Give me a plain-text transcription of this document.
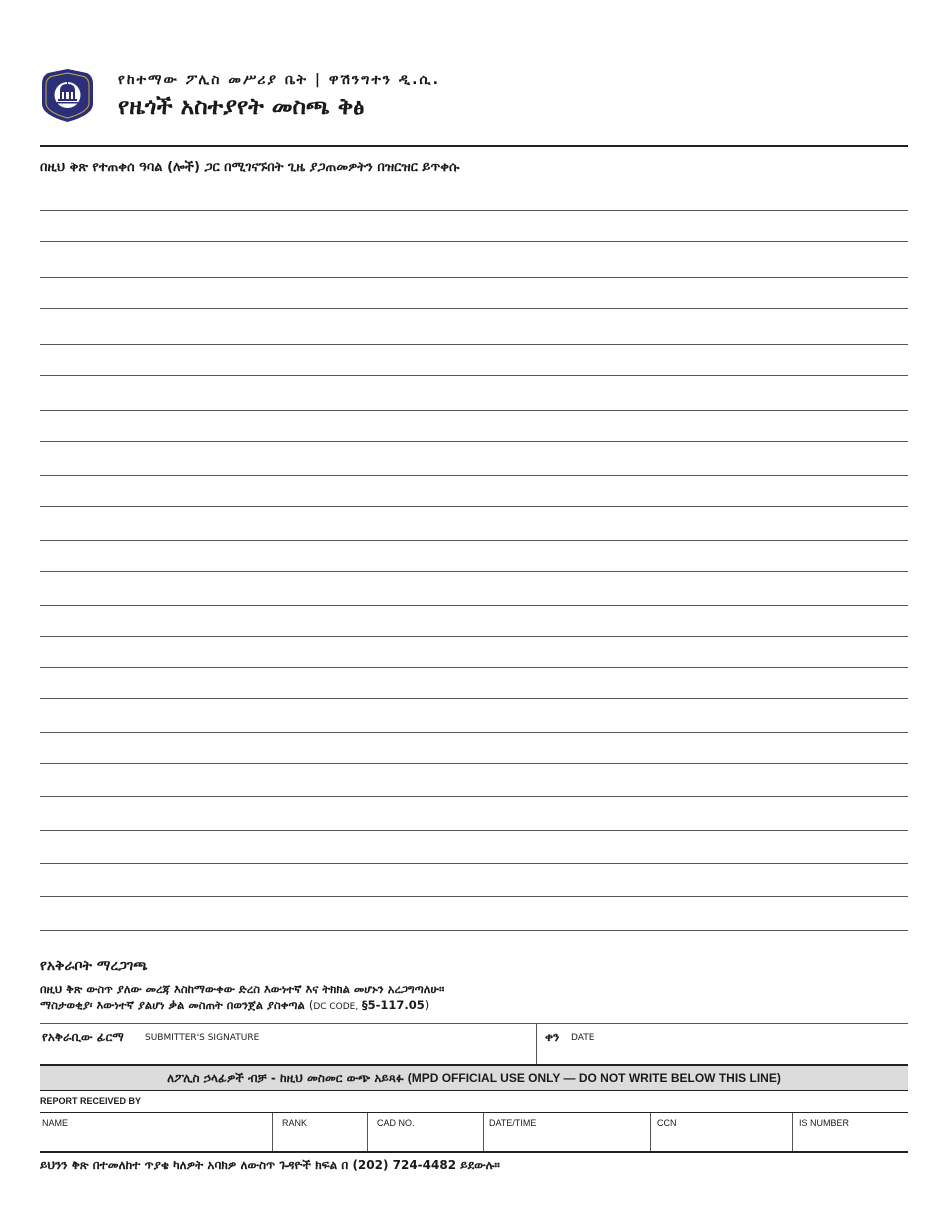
የከተማው ፖሊስ መሥሪያ ቤት | ዋሽንግተን ዲ.ሲ.
የዜጎች አስተያየት መስጫ ቅፅ
በዚህ ቅጽ የተጠቀሰ ዓባል (ሎች) ጋር በሚገናኙበት ጊዜ ያጋጠመዎትን በዝርዝር ይጥቀሱ
የአቅራቦት ማረጋገጫ
በዚህ ቅጽ ውስጥ ያለው መረጃ እስከማውቀው ድረስ እውነተኛ እና ትክክል መሆኑን አረጋግጣለሁ።
ማስታወቂያ፡ እውነተኛ ያልሆነ ቃል መስጠት በወንጀል ያስቀጣል (DC CODE, §5-117.05)
የአቅራቢው ፊርማ SUBMITTER'S SIGNATURE	ቀን DATE
ለፖሊስ ኃላፊዎች ብቻ - ከዚህ መስመር ውጭ አይጻፉ (MPD OFFICIAL USE ONLY — DO NOT WRITE BELOW THIS LINE)
REPORT RECEIVED BY
NAME	RANK	CAD NO.	DATE/TIME	CCN	IS NUMBER
ይህንን ቅጽ በተመለከተ ጥያቄ ካለዎት አባክዎ ለውስጥ ጉዳዮች ክፍል በ (202) 724-4482 ይደውሉ።
